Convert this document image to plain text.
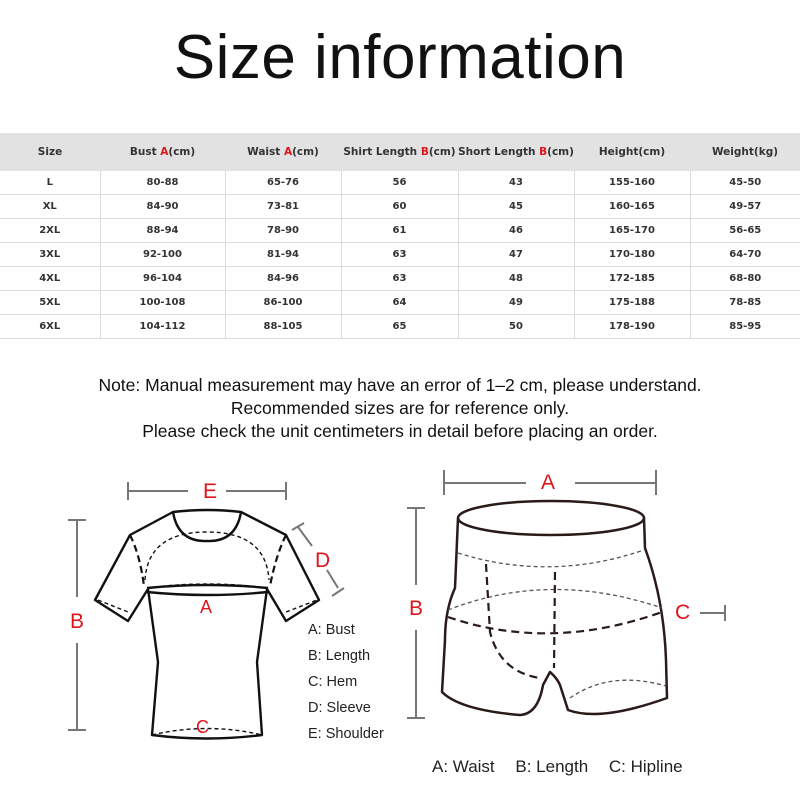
Size information
Size	Bust A(cm)	Waist A(cm)	Shirt Length B(cm)	Short Length B(cm)	Height(cm)	Weight(kg)
L	80-88	65-76	56	43	155-160	45-50
XL	84-90	73-81	60	45	160-165	49-57
2XL	88-94	78-90	61	46	165-170	56-65
3XL	92-100	81-94	63	47	170-180	64-70
4XL	96-104	84-96	63	48	172-185	68-80
5XL	100-108	86-100	64	49	175-188	78-85
6XL	104-112	88-105	65	50	178-190	85-95
Note: Manual measurement may have an error of 1–2 cm, please understand.
Recommended sizes are for reference only.
Please check the unit centimeters in detail before placing an order.
E
B
D
A
C
A: Bust
B: Length
C: Hem
D: Sleeve
E: Shoulder
A
B	C
A: Waist B: Length C: Hipline
